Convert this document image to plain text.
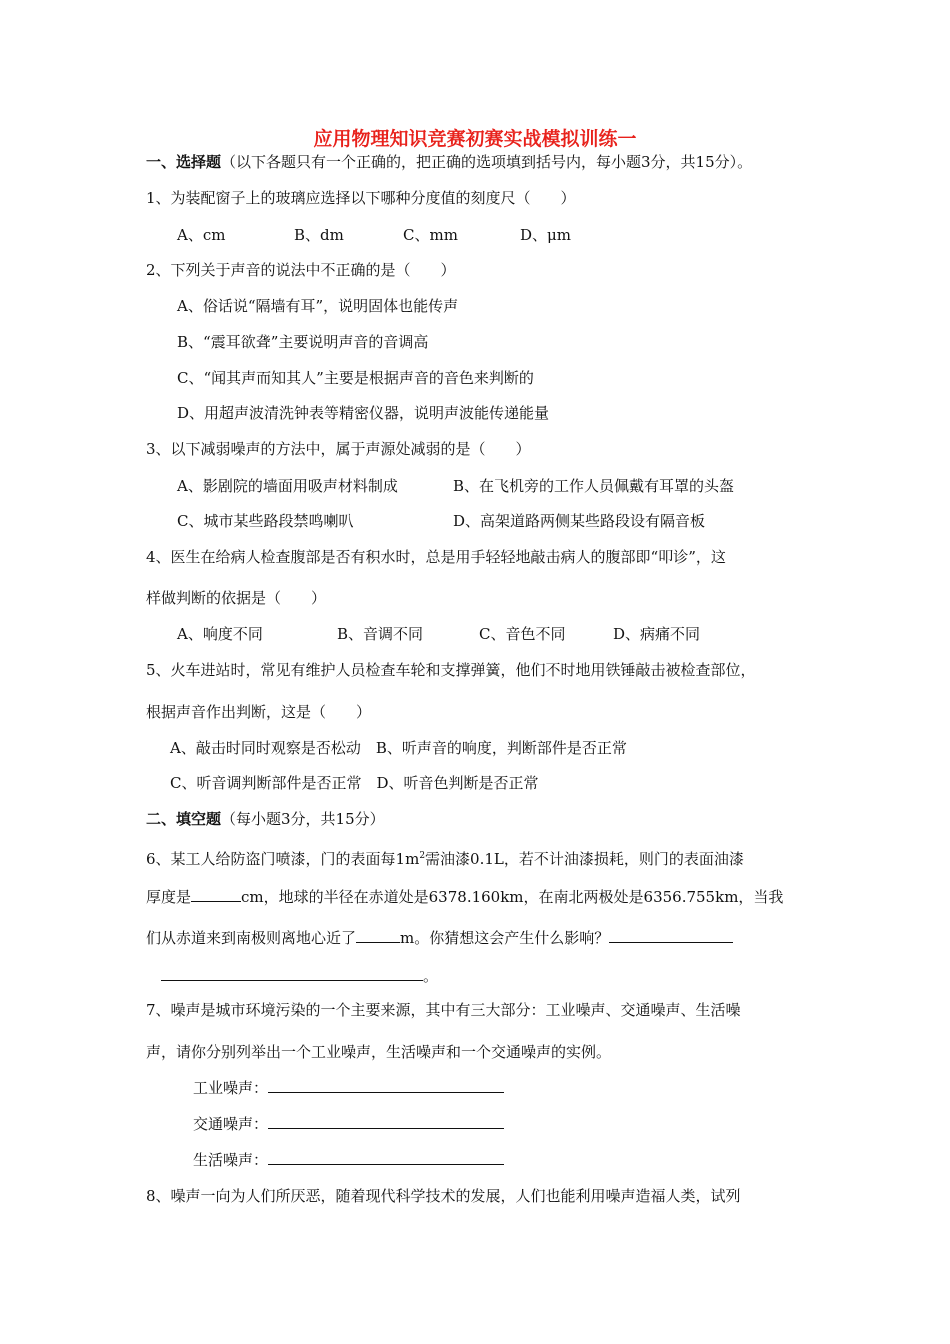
应用物理知识竞赛初赛实战模拟训练一
一、选择题（以下各题只有一个正确的，把正确的选项填到括号内，每小题3分，共15分）。
1、为装配窗子上的玻璃应选择以下哪种分度值的刻度尺（　　）
A、cm	B、dm	C、mm	D、μm
2、下列关于声音的说法中不正确的是（　　）
A、俗话说“隔墙有耳”，说明固体也能传声
B、“震耳欲聋”主要说明声音的音调高
C、“闻其声而知其人”主要是根据声音的音色来判断的
D、用超声波清洗钟表等精密仪器，说明声波能传递能量
3、以下减弱噪声的方法中，属于声源处减弱的是（　　）
A、影剧院的墙面用吸声材料制成	B、在飞机旁的工作人员佩戴有耳罩的头盔
C、城市某些路段禁鸣喇叭	D、高架道路两侧某些路段设有隔音板
4、医生在给病人检查腹部是否有积水时，总是用手轻轻地敲击病人的腹部即“叩诊”，这
样做判断的依据是（　　）
A、响度不同	B、音调不同	C、音色不同	D、病痛不同
5、火车进站时，常见有维护人员检查车轮和支撑弹簧，他们不时地用铁锤敲击被检查部位，
根据声音作出判断，这是（　　）
A、敲击时同时观察是否松动　B、听声音的响度，判断部件是否正常
C、听音调判断部件是否正常　D、听音色判断是否正常
二、填空题（每小题3分，共15分）
6、某工人给防盗门喷漆，门的表面每$1m^2$需油漆0.1L，若不计油漆损耗，则门的表面油漆
厚度是	cm，地球的半径在赤道处是6378.160km，在南北两极处是6356.755km，当我
们从赤道来到南极则离地心近了	m。你猜想这会产生什么影响？
。
7、噪声是城市环境污染的一个主要来源，其中有三大部分：工业噪声、交通噪声、生活噪
声，请你分别列举出一个工业噪声，生活噪声和一个交通噪声的实例。
工业噪声：
交通噪声：
生活噪声：
8、噪声一向为人们所厌恶，随着现代科学技术的发展，人们也能利用噪声造福人类，试列
